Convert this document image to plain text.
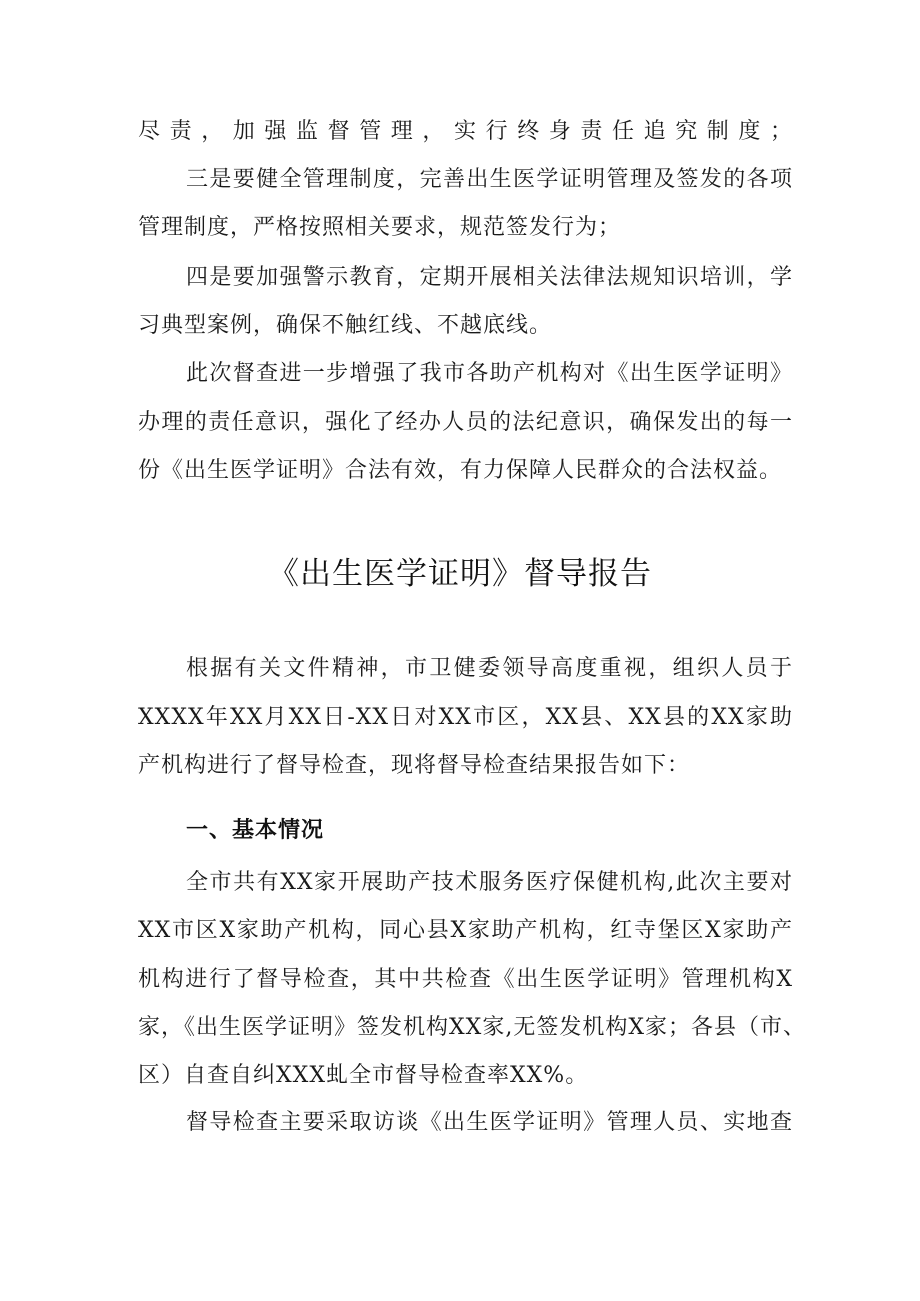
尽责，加强监督管理，实行终身责任追究制度；
三是要健全管理制度，完善出生医学证明管理及签发的各项
管理制度，严格按照相关要求，规范签发行为；
四是要加强警示教育，定期开展相关法律法规知识培训，学
习典型案例，确保不触红线、不越底线。
此次督查进一步增强了我市各助产机构对《出生医学证明》
办理的责任意识，强化了经办人员的法纪意识，确保发出的每一
份《出生医学证明》合法有效，有力保障人民群众的合法权益。
《出生医学证明》督导报告
根据有关文件精神，市卫健委领导高度重视，组织人员于
XXXX年XX月XX日-XX日对XX市区，XX县、XX县的XX家助
产机构进行了督导检查，现将督导检查结果报告如下：
一、基本情况
全市共有XX家开展助产技术服务医疗保健机构,此次主要对
XX市区X家助产机构，同心县X家助产机构，红寺堡区X家助产
机构进行了督导检查，其中共检查《出生医学证明》管理机构X
家，《出生医学证明》签发机构XX家,无签发机构X家；各县（市、
区）自查自纠XXX虬全市督导检查率XX%。
督导检查主要采取访谈《出生医学证明》管理人员、实地查
